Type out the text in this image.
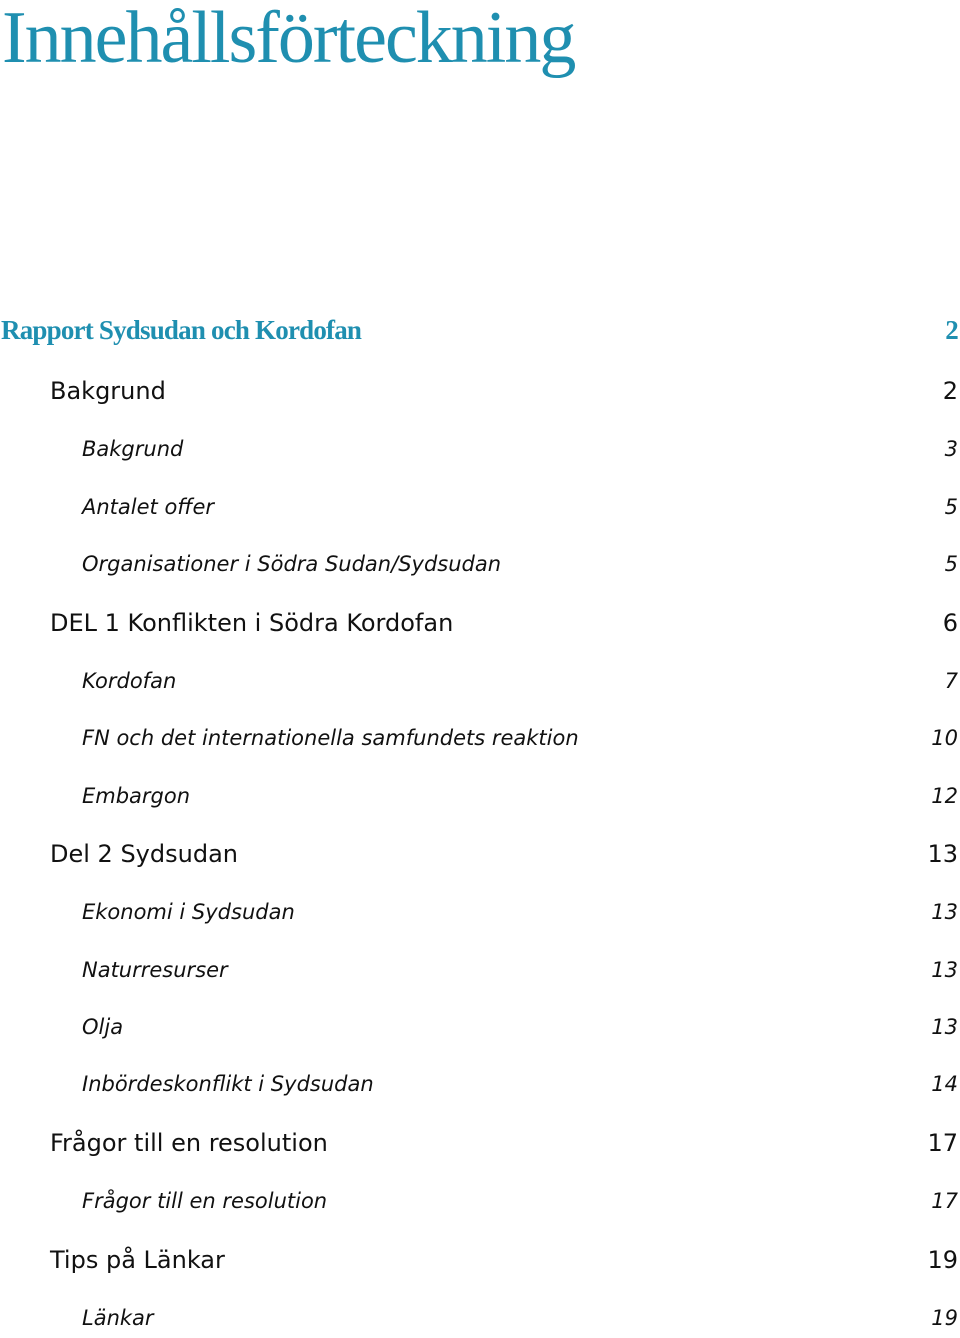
Innehållsförteckning
Rapport Sydsudan och Kordofan	2
Bakgrund	2
Bakgrund	3
Antalet offer	5
Organisationer i Södra Sudan/Sydsudan	5
DEL 1 Konflikten i Södra Kordofan	6
Kordofan	7
FN och det internationella samfundets reaktion	10
Embargon	12
Del 2 Sydsudan	13
Ekonomi i Sydsudan	13
Naturresurser	13
Olja	13
Inbördeskonflikt i Sydsudan	14
Frågor till en resolution	17
Frågor till en resolution	17
Tips på Länkar	19
Länkar	19
